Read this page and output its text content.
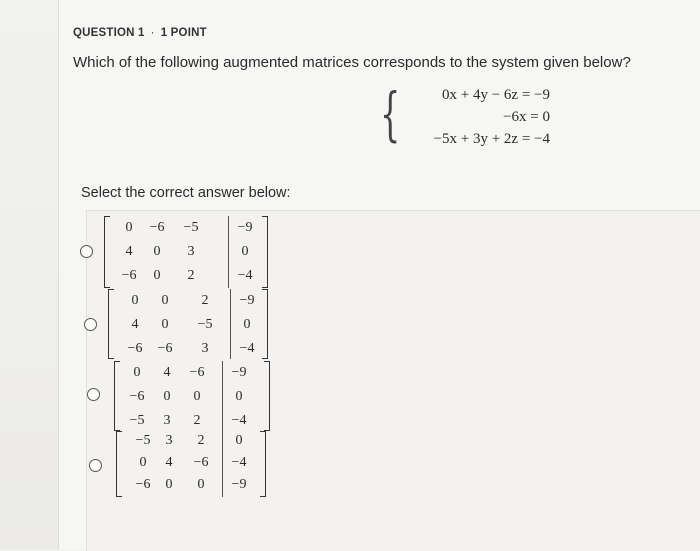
QUESTION 1 · 1 POINT
Which of the following augmented matrices corresponds to the system given below?
{	0x + 4y − 6z = −9
−6x = 0
−5x + 3y + 2z = −4
Select the correct answer below:
0	−6	−5	−9
4	0	3	0
−6	0	2	−4
0	0	2	−9
4	0	−5	0
−6	−6	3	−4
0	4	−6	−9
−6	0	0	0
−5	3	2	−4
−5	3	2	0
0	4	−6	−4
−6	0	0	−9
